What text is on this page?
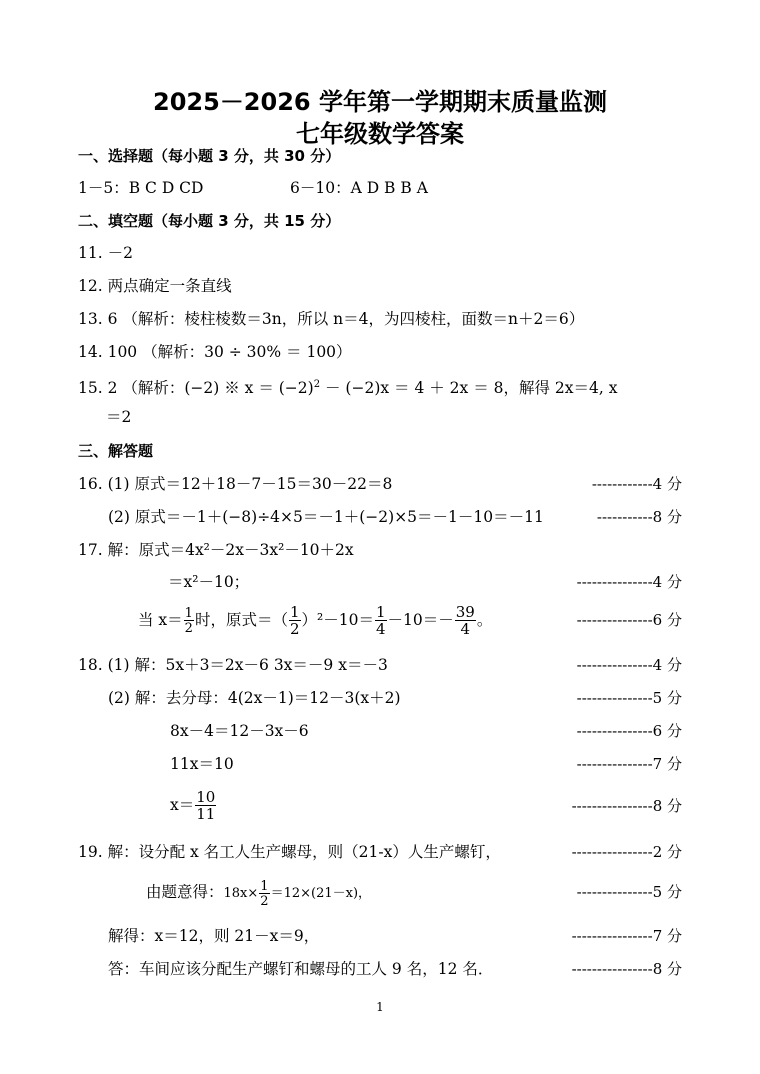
2025－2026 学年第一学期期末质量监测
七年级数学答案
一、选择题（每小题 3 分，共 30 分）
1－5：B C D CD	6－10：A D B B A
二、填空题（每小题 3 分，共 15 分）
11. －2
12. 两点确定一条直线
13. 6 （解析：棱柱棱数＝3n，所以 n＝4，为四棱柱，面数＝n＋2＝6）
14. 100 （解析：30 ÷ 30% ＝ 100）
15. 2 （解析：(−2) ※ $x = (-2)^2 - (-2)x = 4 + 2x = 8$，解得 2x＝4, x
＝2
三、解答题
16. (1) 原式＝12＋18－7－15＝30－22＝8	------------4 分
(2) 原式＝－1＋(−8)÷4×5＝－1＋(−2)×5＝－1－10＝－11	-----------8 分
17. 解：原式＝4x²－2x－3x²－10＋2x
＝x²－10；	---------------4 分
当 $x= \frac{1}{2}$ 时，原式＝（ $\frac{1}{2} )^2-10= \frac{1}{4} -10=- \frac{39}{4}$ 。	---------------6 分
18. (1) 解：5x＋3＝2x－6 3x＝－9 x＝－3	---------------4 分
(2) 解：去分母：4(2x－1)＝12－3(x＋2)	---------------5 分
8x－4＝12－3x－6	---------------6 分
11x＝10	---------------7 分
$x= \frac{10}{11}$	----------------8 分
19. 解：设分配 x 名工人生产螺母，则（21-x）人生产螺钉，	----------------2 分
由题意得：$18x\times \frac{1}{2} =12\times(21-x)$，	---------------5 分
解得：x＝12，则 21－x＝9，	----------------7 分
答：车间应该分配生产螺钉和螺母的工人 9 名，12 名．	----------------8 分
1
